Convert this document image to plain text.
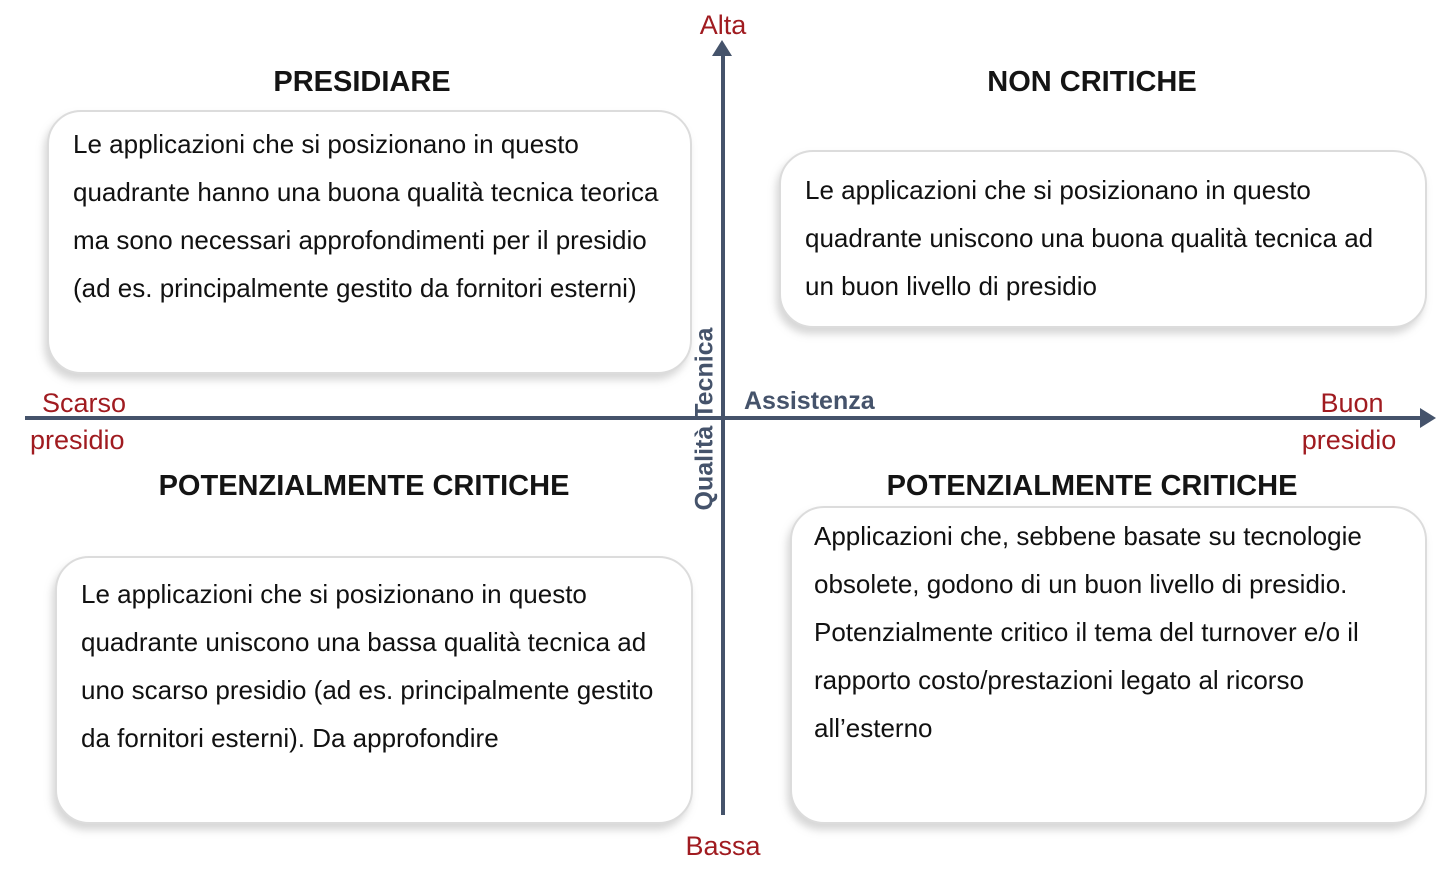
Alta
Bassa
Scarso
presidio
Buon
presidio
Assistenza
Qualità Tecnica
PRESIDIARE
Le applicazioni che si posizionano in questo quadrante hanno una buona qualità tecnica teorica ma sono necessari approfondimenti per il presidio (ad es. principalmente gestito da fornitori esterni)
NON CRITICHE
Le applicazioni che si posizionano in questo quadrante uniscono una buona qualità tecnica ad un buon livello di presidio
POTENZIALMENTE CRITICHE
Le applicazioni che si posizionano in questo quadrante uniscono una bassa qualità tecnica ad uno scarso presidio (ad es. principalmente gestito da fornitori esterni). Da approfondire
POTENZIALMENTE CRITICHE
Applicazioni che, sebbene basate su tecnologie obsolete, godono di un buon livello di presidio. Potenzialmente critico il tema del turnover e/o il rapporto costo/prestazioni legato al ricorso all’esterno
